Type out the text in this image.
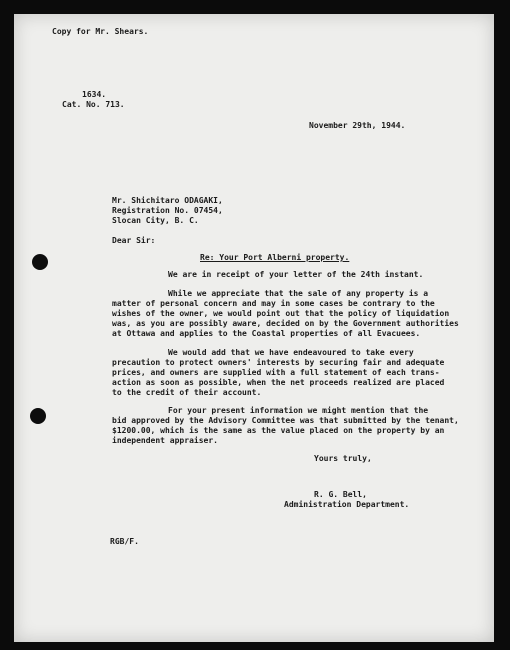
Copy for Mr. Shears.
1634.
Cat. No. 713.
November 29th, 1944.
Mr. Shichitaro ODAGAKI,
Registration No. 07454,
Slocan City, B. C.
Dear Sir:
Re: Your Port Alberni property.
We are in receipt of your letter of the 24th instant.
While we appreciate that the sale of any property is a
matter of personal concern and may in some cases be contrary to the
wishes of the owner, we would point out that the policy of liquidation
was, as you are possibly aware, decided on by the Government authorities
at Ottawa and applies to the Coastal properties of all Evacuees.
We would add that we have endeavoured to take every
precaution to protect owners' interests by securing fair and adequate
prices, and owners are supplied with a full statement of each trans-
action as soon as possible, when the net proceeds realized are placed
to the credit of their account.
For your present information we might mention that the
bid approved by the Advisory Committee was that submitted by the tenant,
$1200.00, which is the same as the value placed on the property by an
independent appraiser.
Yours truly,
R. G. Bell,
Administration Department.
RGB/F.
